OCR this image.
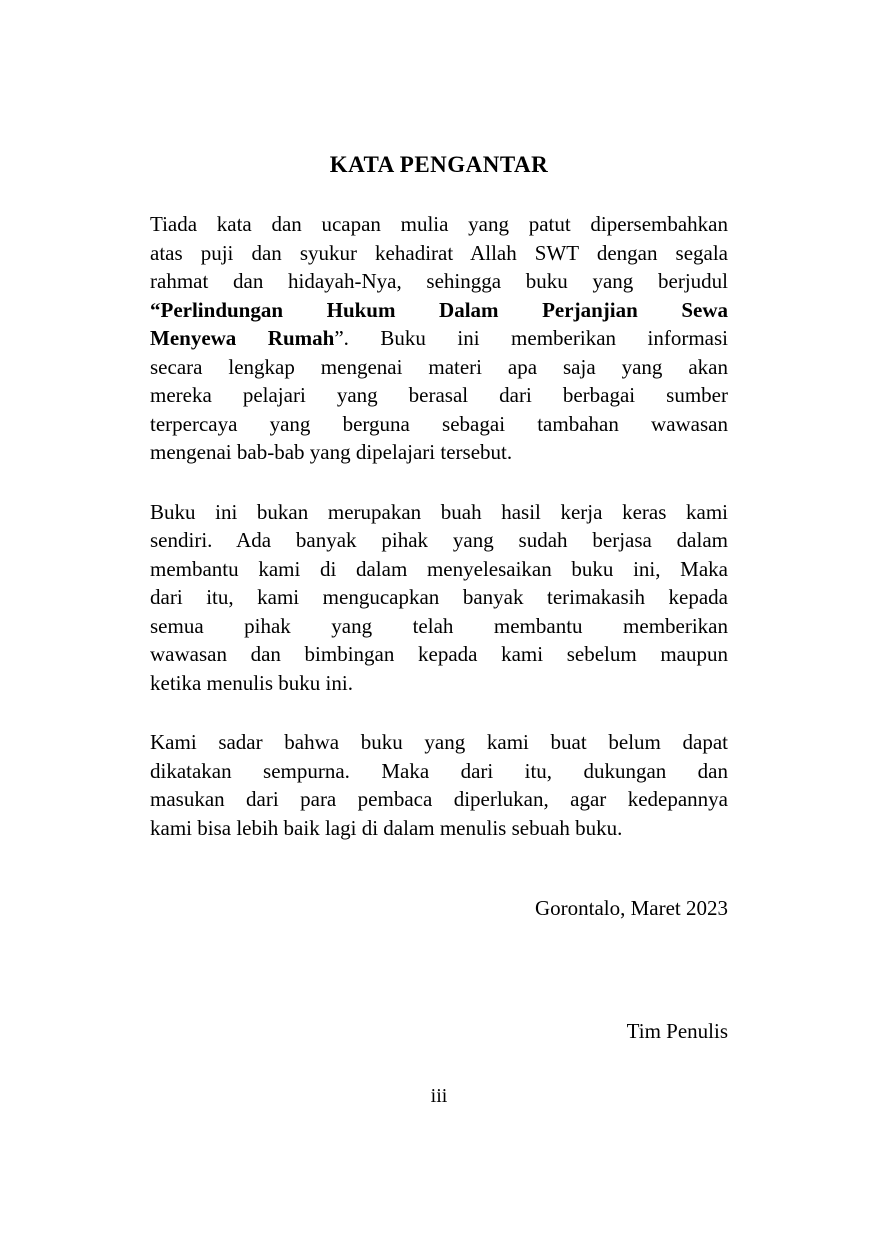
KATA PENGANTAR
Tiada kata dan ucapan mulia yang patut dipersembahkan
atas puji dan syukur kehadirat Allah SWT dengan segala
rahmat dan hidayah-Nya, sehingga buku yang berjudul
“Perlindungan Hukum Dalam Perjanjian Sewa
Menyewa Rumah”. Buku ini memberikan informasi
secara lengkap mengenai materi apa saja yang akan
mereka pelajari yang berasal dari berbagai sumber
terpercaya yang berguna sebagai tambahan wawasan
mengenai bab-bab yang dipelajari tersebut.
Buku ini bukan merupakan buah hasil kerja keras kami
sendiri. Ada banyak pihak yang sudah berjasa dalam
membantu kami di dalam menyelesaikan buku ini, Maka
dari itu, kami mengucapkan banyak terimakasih kepada
semua pihak yang telah membantu memberikan
wawasan dan bimbingan kepada kami sebelum maupun
ketika menulis buku ini.
Kami sadar bahwa buku yang kami buat belum dapat
dikatakan sempurna. Maka dari itu, dukungan dan
masukan dari para pembaca diperlukan, agar kedepannya
kami bisa lebih baik lagi di dalam menulis sebuah buku.
Gorontalo, Maret 2023
Tim Penulis
iii
